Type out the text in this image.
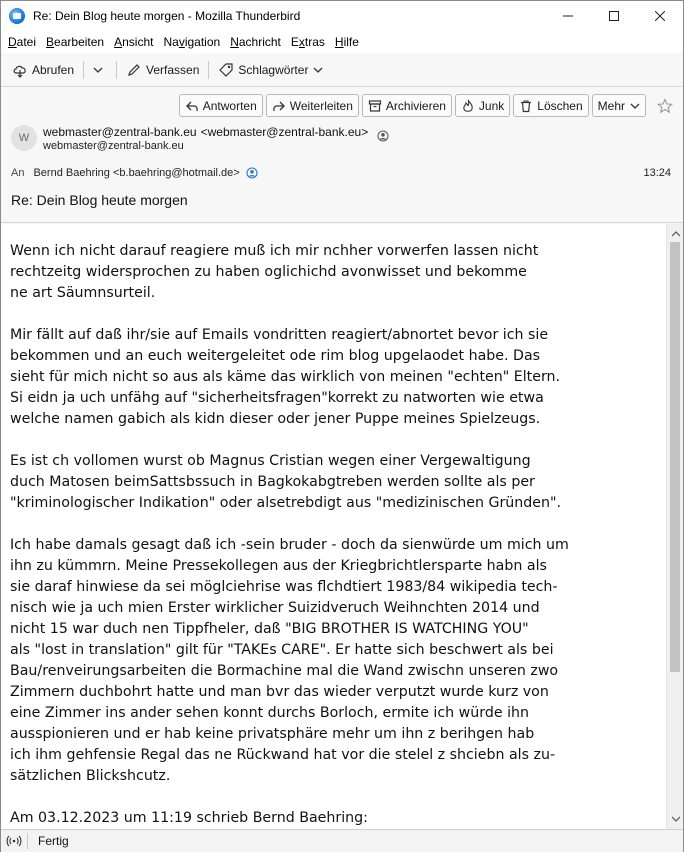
Re: Dein Blog heute morgen - Mozilla Thunderbird
Datei Bearbeiten Ansicht Navigation Nachricht Extras Hilfe
Abrufen	Verfassen	Schlagwörter
Antworten	Weiterleiten	Archivieren	Junk	Löschen Mehr
W webmaster@zentral-bank.eu <webmaster@zentral-bank.eu>
webmaster@zentral-bank.eu
An Bernd Baehring <b.baehring@hotmail.de>	13:24
Re: Dein Blog heute morgen

Wenn ich nicht darauf reagiere muß ich mir nchher vorwerfen lassen nicht
rechtzeitg widersprochen zu haben oglichichd avonwisset und bekomme
ne art Säumnsurteil.

Mir fällt auf daß ihr/sie auf Emails vondritten reagiert/abnortet bevor ich sie
bekommen und an euch weitergeleitet ode rim blog upgelaodet habe. Das
sieht für mich nicht so aus als käme das wirklich von meinen "echten" Eltern.
Si eidn ja uch unfähg auf "sicherheitsfragen"korrekt zu natworten wie etwa
welche namen gabich als kidn dieser oder jener Puppe meines Spielzeugs.

Es ist ch vollomen wurst ob Magnus Cristian wegen einer Vergewaltigung
duch Matosen beimSattsbssuch in Bagkokabgtreben werden sollte als per
"kriminologischer Indikation" oder alsetrebdigt aus "medizinischen Gründen".

Ich habe damals gesagt daß ich -sein bruder - doch da sienwürde um mich um
ihn zu kümmrn. Meine Pressekollegen aus der Kriegbrichtlersparte habn als
sie daraf hinwiese da sei möglciehrise was flchdtiert 1983/84 wikipedia tech-
nisch wie ja uch mien Erster wirklicher Suizidveruch Weihnchten 2014 und
nicht 15 war duch nen Tippfheler, daß "BIG BROTHER IS WATCHING YOU"
als "lost in translation" gilt für "TAKEs CARE". Er hatte sich beschwert als bei
Bau/renveirungsarbeiten die Bormachine mal die Wand zwischn unseren zwo
Zimmern duchbohrt hatte und man bvr das wieder verputzt wurde kurz von
eine Zimmer ins ander sehen konnt durchs Borloch, ermite ich würde ihn
ausspionieren und er hab keine privatsphäre mehr um ihn z berihgen hab
ich ihm gehfensie Regal das ne Rückwand hat vor die stelel z shciebn als zu-
sätzlichen Blickshcutz.

Am 03.12.2023 um 11:19 schrieb Bernd Baehring:

Fertig
